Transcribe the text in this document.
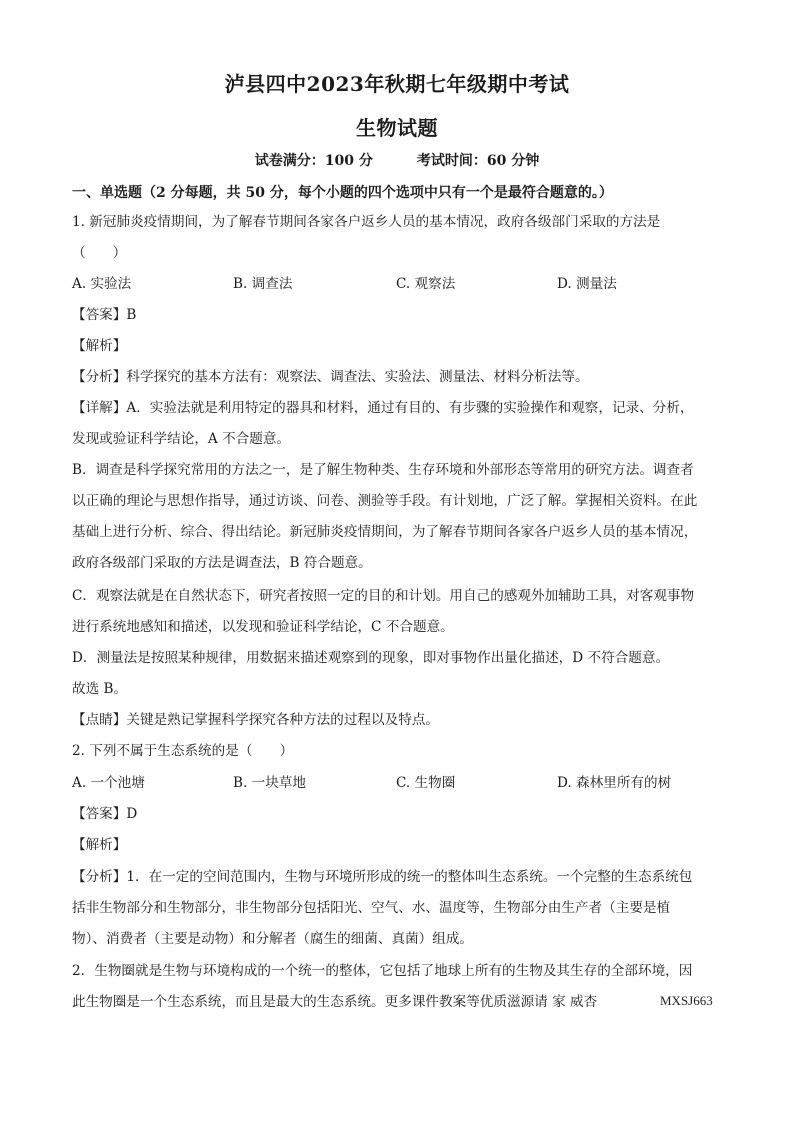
泸县四中2023年秋期七年级期中考试
生物试题
试卷满分：100 分	考试时间：60 分钟
一、单选题（2 分每题，共 50 分，每个小题的四个选项中只有一个是最符合题意的。）
1. 新冠肺炎疫情期间，为了解春节期间各家各户返乡人员的基本情况，政府各级部门采取的方法是
（　　）
A. 实验法	B. 调查法	C. 观察法	D. 测量法
【答案】B
【解析】
【分析】科学探究的基本方法有：观察法、调查法、实验法、测量法、材料分析法等。
【详解】A．实验法就是利用特定的器具和材料，通过有目的、有步骤的实验操作和观察，记录、分析，
发现或验证科学结论，A 不合题意。
B．调查是科学探究常用的方法之一，是了解生物种类、生存环境和外部形态等常用的研究方法。调查者
以正确的理论与思想作指导，通过访谈、问卷、测验等手段。有计划地，广泛了解。掌握相关资料。在此
基础上进行分析、综合、得出结论。新冠肺炎疫情期间，为了解春节期间各家各户返乡人员的基本情况，
政府各级部门采取的方法是调查法，B 符合题意。
C．观察法就是在自然状态下，研究者按照一定的目的和计划。用自己的感观外加辅助工具，对客观事物
进行系统地感知和描述，以发现和验证科学结论，C 不合题意。
D．测量法是按照某种规律，用数据来描述观察到的现象，即对事物作出量化描述，D 不符合题意。
故选 B。
【点睛】关键是熟记掌握科学探究各种方法的过程以及特点。
2. 下列不属于生态系统的是（　　）
A. 一个池塘	B. 一块草地	C. 生物圈	D. 森林里所有的树
【答案】D
【解析】
【分析】1．在一定的空间范围内，生物与环境所形成的统一的整体叫生态系统。一个完整的生态系统包
括非生物部分和生物部分，非生物部分包括阳光、空气、水、温度等，生物部分由生产者（主要是植
物）、消费者（主要是动物）和分解者（腐生的细菌、真菌）组成。
2．生物圈就是生物与环境构成的一个统一的整体，它包括了地球上所有的生物及其生存的全部环境，因
此生物圈是一个生态系统，而且是最大的生态系统。更多课件教案等优质滋源请 家 威杏	MXSJ663
